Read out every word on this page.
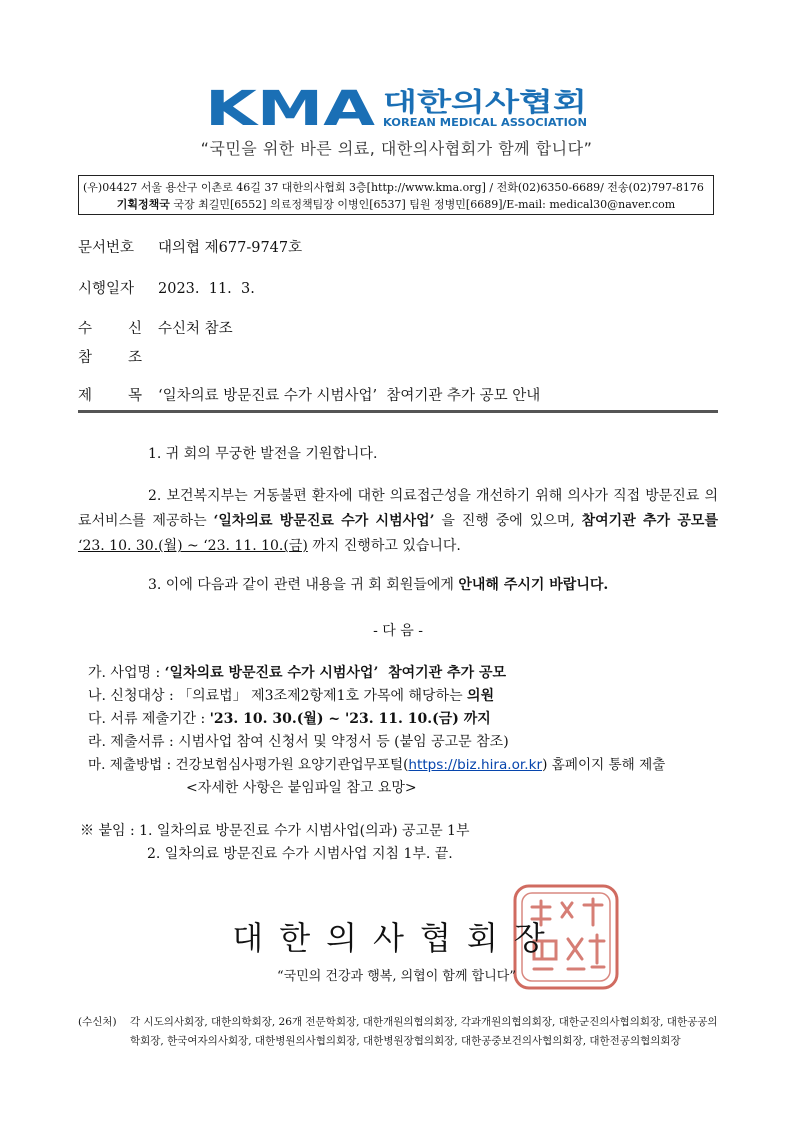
KMA 대한의사협회
KOREAN MEDICAL ASSOCIATION
“국민을 위한 바른 의료, 대한의사협회가 함께 합니다”
(우)04427 서울 용산구 이촌로 46길 37 대한의사협회 3층[http://www.kma.org] / 전화(02)6350-6689/ 전송(02)797-8176
기획정책국 국장 최길민[6552] 의료정책팀장 이병인[6537] 팀원 정병민[6689]/E-mail: medical30@naver.com
문서번호 대의협 제677-9747호
시행일자 2023.  11.  3.
수 신 수신처 참조
참 조
제 목 ‘일차의료 방문진료 수가 시범사업’  참여기관 추가 공모 안내
1. 귀 회의 무궁한 발전을 기원합니다.
2. 보건복지부는 거동불편 환자에 대한 의료접근성을 개선하기 위해 의사가 직접 방문진료 의료서비스를 제공하는 ‘일차의료 방문진료 수가 시범사업’ 을 진행 중에 있으며, 참여기관 추가 공모를 ‘23. 10. 30.(월) ~ ‘23. 11. 10.(금) 까지 진행하고 있습니다.
3. 이에 다음과 같이 관련 내용을 귀 회 회원들에게 안내해 주시기 바랍니다.
- 다 음 -
가. 사업명 : ‘일차의료 방문진료 수가 시범사업’  참여기관 추가 공모
나. 신청대상 : 「의료법」 제3조제2항제1호 가목에 해당하는 의원
다. 서류 제출기간 : '23. 10. 30.(월) ~ '23. 11. 10.(금) 까지
라. 제출서류 : 시범사업 참여 신청서 및 약정서 등 (붙임 공고문 참조)
마. 제출방법 : 건강보험심사평가원 요양기관업무포털(https://biz.hira.or.kr) 홈페이지 통해 제출
<자세한 사항은 붙임파일 참고 요망>
※ 붙임 : 1. 일차의료 방문진료 수가 시범사업(의과) 공고문 1부
2. 일차의료 방문진료 수가 시범사업 지침 1부. 끝.
대한의사협회장
“국민의 건강과 행복, 의협이 함께 합니다”
(수신처) 각 시도의사회장, 대한의학회장, 26개 전문학회장, 대한개원의협의회장, 각과개원의협의회장, 대한군진의사협의회장, 대한공공의학회장, 한국여자의사회장, 대한병원의사협의회장, 대한병원장협의회장, 대한공중보건의사협의회장, 대한전공의협의회장
